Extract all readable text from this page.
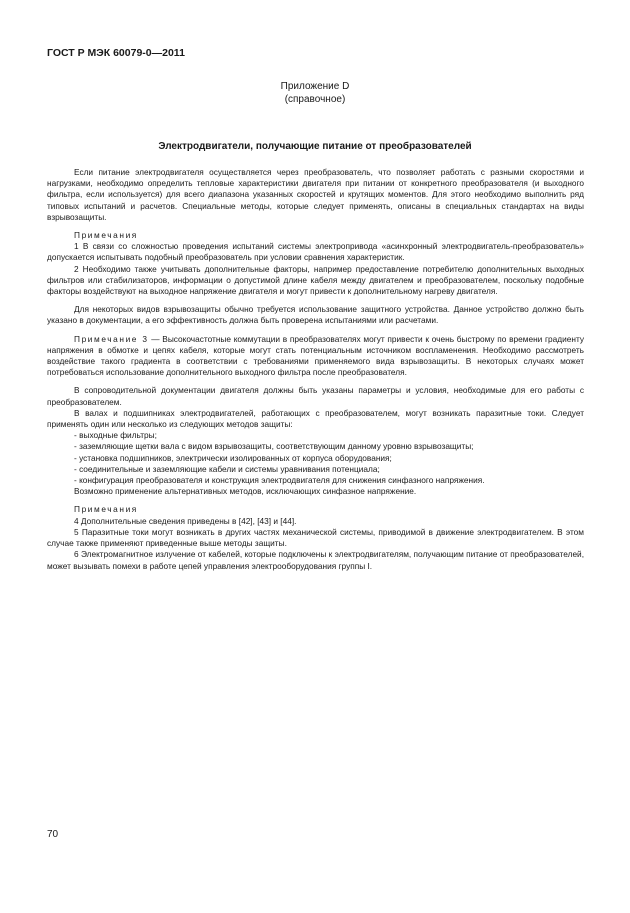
ГОСТ Р МЭК 60079-0—2011
Приложение D
(справочное)
Электродвигатели, получающие питание от преобразователей

Если питание электродвигателя осуществляется через преобразователь, что позволяет работать с разными скоростями и нагрузками, необходимо определить тепловые характеристики двигателя при питании от конкретного преобразователя (и выходного фильтра, если используется) для всего диапазона указанных скоростей и крутящих моментов. Для этого необходимо выполнить ряд типовых испытаний и расчетов. Специальные методы, которые следует применять, описаны в специальных стандартах на виды взрывозащиты.

Примечания

1 В связи со сложностью проведения испытаний системы электропривода «асинхронный электродвигатель-преобразователь» допускается испытывать подобный преобразователь при условии сравнения характеристик.

2 Необходимо также учитывать дополнительные факторы, например предоставление потребителю дополнительных выходных фильтров или стабилизаторов, информации о допустимой длине кабеля между двигателем и преобразователем, поскольку подобные факторы воздействуют на выходное напряжение двигателя и могут привести к дополнительному нагреву двигателя.

Для некоторых видов взрывозащиты обычно требуется использование защитного устройства. Данное устройство должно быть указано в документации, а его эффективность должна быть проверена испытаниями или расчетами.

Примечание 3 — Высокочастотные коммутации в преобразователях могут привести к очень быстрому по времени градиенту напряжения в обмотке и цепях кабеля, которые могут стать потенциальным источником воспламенения. Необходимо рассмотреть воздействие такого градиента в соответствии с требованиями применяемого вида взрывозащиты. В некоторых случаях может потребоваться использование дополнительного выходного фильтра после преобразователя.

В сопроводительной документации двигателя должны быть указаны параметры и условия, необходимые для его работы с преобразователем.

В валах и подшипниках электродвигателей, работающих с преобразователем, могут возникать паразитные токи. Следует применять один или несколько из следующих методов защиты:

- выходные фильтры;
- заземляющие щетки вала с видом взрывозащиты, соответствующим данному уровню взрывозащиты;
- установка подшипников, электрически изолированных от корпуса оборудования;
- соединительные и заземляющие кабели и системы уравнивания потенциала;
- конфигурация преобразователя и конструкция электродвигателя для снижения синфазного напряжения.
Возможно применение альтернативных методов, исключающих синфазное напряжение.

Примечания

4 Дополнительные сведения приведены в [42], [43] и [44].

5 Паразитные токи могут возникать в других частях механической системы, приводимой в движение электродвигателем. В этом случае также применяют приведенные выше методы защиты.

6 Электромагнитное излучение от кабелей, которые подключены к электродвигателям, получающим питание от преобразователей, может вызывать помехи в работе цепей управления электрооборудования группы I.

70
